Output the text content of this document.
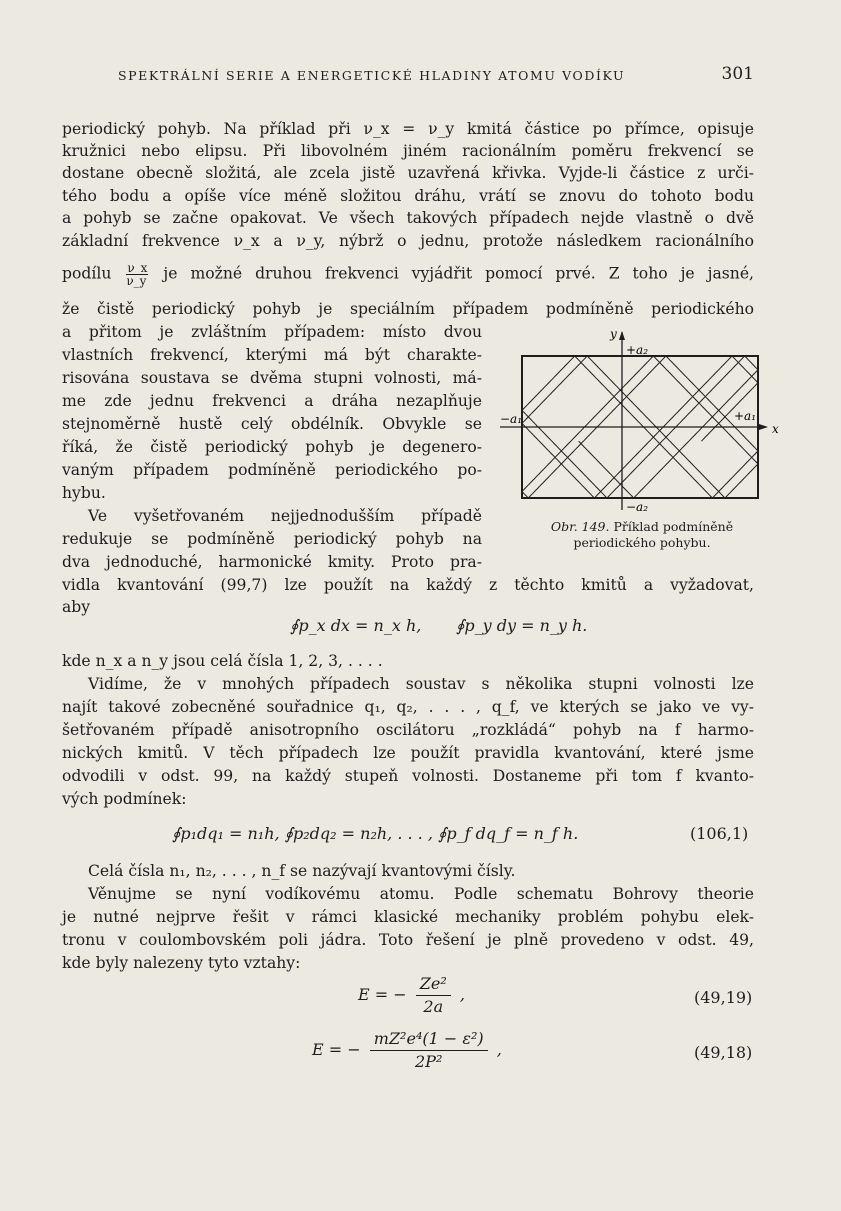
SPEKTRÁLNÍ SERIE A ENERGETICKÉ HLADINY ATOMU VODÍKU	301
periodický pohyb. Na příklad při ν_x = ν_y kmitá částice po přímce, opisuje
kružnici nebo elipsu. Při libovolném jiném racionálním poměru frekvencí se
dostane obecně složitá, ale zcela jistě uzavřená křivka. Vyjde-li částice z urči-
tého bodu a opíše více méně složitou dráhu, vrátí se znovu do tohoto bodu
a pohyb se začne opakovat. Ve všech takových případech nejde vlastně o dvě
základní frekvence ν_x a ν_y, nýbrž o jednu, protože následkem racionálního
podílu $\frac{\nu\_x}{\nu\_y}$ je možné druhou frekvenci vyjádřit pomocí prvé. Z toho je jasné,
že čistě periodický pohyb je speciálním případem podmíněně periodického
a přitom je zvláštním případem: místo dvou
vlastních frekvencí, kterými má být charakte-
risována soustava se dvěma stupni volnosti, má-
me zde jednu frekvenci a dráha nezaplňuje
stejnoměrně hustě celý obdélník. Obvykle se
říká, že čistě periodický pohyb je degenero-
vaným případem podmíněně periodického po-
hybu.
Ve vyšetřovaném nejjednodušším případě
redukuje se podmíněně periodický pohyb na
dva jednoduché, harmonické kmity. Proto pra-
vidla kvantování (99,7) lze použít na každý z těchto kmitů a vyžadovat,
aby
∮p_x dx = n_x h, ∮p_y dy = n_y h.
kde n_x a n_y jsou celá čísla 1, 2, 3, . . . .
Vidíme, že v mnohých případech soustav s několika stupni volnosti lze
najít takové zobecněné souřadnice q₁, q₂, . . . , q_f, ve kterých se jako ve vy-
šetřovaném případě anisotropního oscilátoru „rozkládá“ pohyb na f harmo-
nických kmitů. V těch případech lze použít pravidla kvantování, které jsme
odvodili v odst. 99, na každý stupeň volnosti. Dostaneme při tom f kvanto-
vých podmínek:
∮p₁dq₁ = n₁h, ∮p₂dq₂ = n₂h, . . . , ∮p_f dq_f = n_f h.	(106,1)
Celá čísla n₁, n₂, . . . , n_f se nazývají kvantovými čísly.
Věnujme se nyní vodíkovému atomu. Podle schematu Bohrovy theorie
je nutné nejprve řešit v rámci klasické mechaniky problém pohybu elek-
tronu v coulombovském poli jádra. Toto řešení je plně provedeno v odst. 49,
kde byly nalezeny tyto vztahy:
E = − $\frac{\text{Ze²}}{2a}$ ,	(49,19)
E = − $\frac{\text{mZ²e⁴(1 − ε²)}}{\text{2P²}}$ ,	(49,18)
y
x
+a₂
−a₂
+a₁
−a₁
Obr. 149. Příklad podmíněně periodického pohybu.
